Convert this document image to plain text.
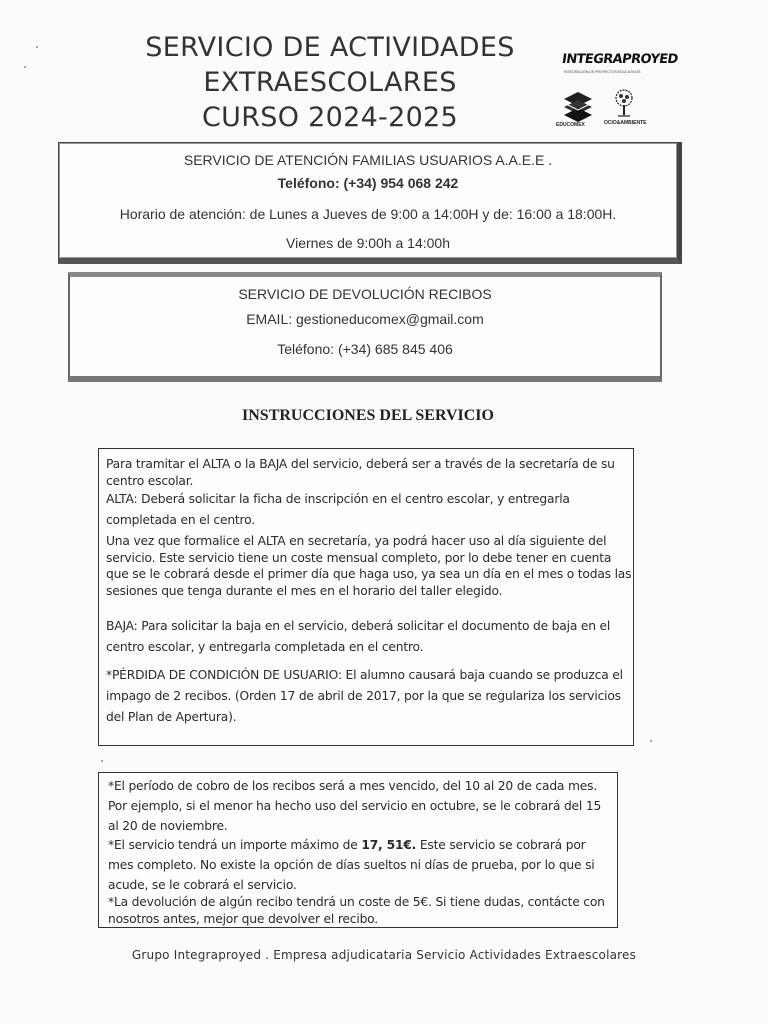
SERVICIO DE ACTIVIDADES
EXTRAESCOLARES
CURSO 2024-2025
INTEGRAPROYED
INTEGRACIÓN DE PROYECTOS EDUCATIVOS
EDUCOMEX	OCIO&AMBIENTE
SERVICIO DE ATENCIÓN FAMILIAS USUARIOS A.A.E.E .
Teléfono: (+34) 954 068 242
Horario de atención: de Lunes a Jueves de 9:00 a 14:00H y de: 16:00 a 18:00H.
Viernes de 9:00h a 14:00h
SERVICIO DE DEVOLUCIÓN RECIBOS
EMAIL: gestioneducomex@gmail.com
Teléfono: (+34) 685 845 406
INSTRUCCIONES DEL SERVICIO
Para tramitar el ALTA o la BAJA del servicio, deberá ser a través de la secretaría de su centro escolar.
ALTA: Deberá solicitar la ficha de inscripción en el centro escolar, y entregarla completada en el centro.
Una vez que formalice el ALTA en secretaría, ya podrá hacer uso al día siguiente del servicio. Este servicio tiene un coste mensual completo, por lo debe tener en cuenta que se le cobrará desde el primer día que haga uso, ya sea un día en el mes o todas las sesiones que tenga durante el mes en el horario del taller elegido.
BAJA: Para solicitar la baja en el servicio, deberá solicitar el documento de baja en el centro escolar, y entregarla completada en el centro.
*PÉRDIDA DE CONDICIÓN DE USUARIO: El alumno causará baja cuando se produzca el impago de 2 recibos. (Orden 17 de abril de 2017, por la que se regulariza los servicios del Plan de Apertura).
*El período de cobro de los recibos será a mes vencido, del 10 al 20 de cada mes. Por ejemplo, si el menor ha hecho uso del servicio en octubre, se le cobrará del 15 al 20 de noviembre.
*El servicio tendrá un importe máximo de 17, 51€. Este servicio se cobrará por mes completo. No existe la opción de días sueltos ni días de prueba, por lo que si acude, se le cobrará el servicio.
*La devolución de algún recibo tendrá un coste de 5€. Si tiene dudas, contácte con nosotros antes, mejor que devolver el recibo.
Grupo Integraproyed . Empresa adjudicataria Servicio Actividades Extraescolares
